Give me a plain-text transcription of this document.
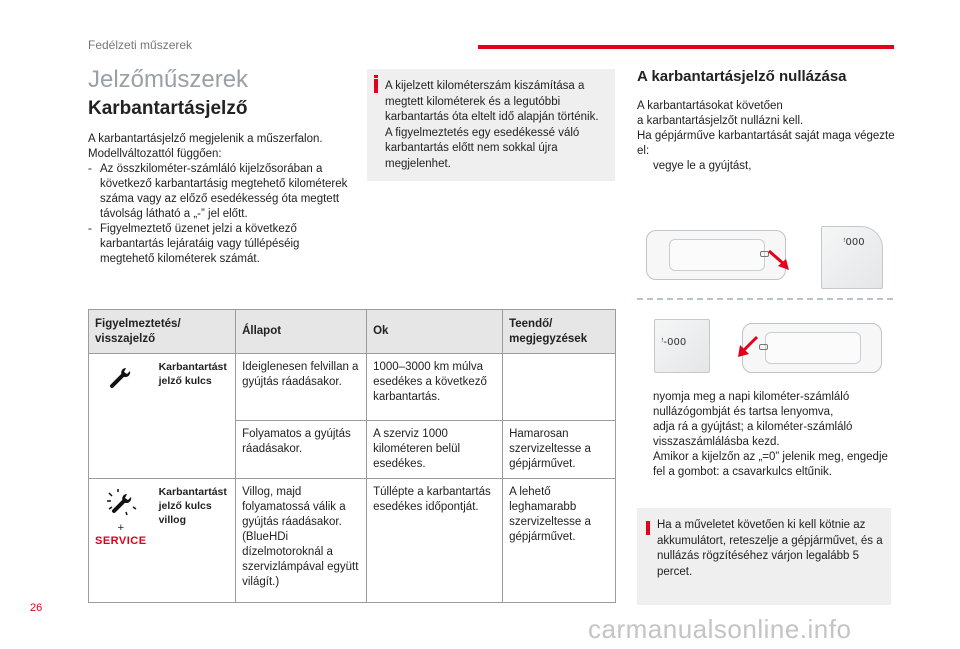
Fedélzeti műszerek
Jelzőműszerek
Karbantartásjelző

A karbantartásjelző megjelenik a műszerfalon.

Modellváltozattól függően:

- Az összkilométer-számláló kijelzősorában a következő karbantartásig megtehető kilométerek száma vagy az előző esedékesség óta megtett távolság látható a „-” jel előtt.
- Figyelmeztető üzenet jelzi a következő karbantartás lejáratáig vagy túllépéséig megtehető kilométerek számát.
A kijelzett kilométerszám kiszámítása a megtett kilométerek és a legutóbbi karbantartás óta eltelt idő alapján történik. A figyelmeztetés egy esedékessé váló karbantartás előtt nem sokkal újra megjelenhet.
A karbantartásjelző nullázása

A karbantartásokat követően

a karbantartásjelzőt nullázni kell.

Ha gépjárműve karbantartását saját maga végezte el:

vegye le a gyújtást,
ꜝ000
ꜝ-000
nyomja meg a napi kilométer-számláló nullázógombját és tartsa lenyomva,
adja rá a gyújtást; a kilométer-számláló visszaszámlálásba kezd.
Amikor a kijelzőn az „=0” jelenik meg, engedje fel a gombot: a csavarkulcs eltűnik.
Ha a műveletet követően ki kell kötnie az akkumulátort, reteszelje a gépjárművet, és a nullázás rögzítéséhez várjon legalább 5 percet.
Figyelmeztetés/ visszajelző		Állapot	Ok	Teendő/ megjegyzések
	Karbantartást jelző kulcs	Ideiglenesen felvillan a gyújtás ráadásakor.	1000–3000 km múlva esedékes a következő karbantartás.	
		Folyamatos a gyújtás ráadásakor.	A szerviz 1000 kilométeren belül esedékes.	Hamarosan szervizeltesse a gépjárművet.

+
SERVICE	Karbantartást jelző kulcs villog	Villog, majd folyamatossá válik a gyújtás ráadásakor. (BlueHDi dízelmotoroknál a szervizlámpával együtt világít.)	Túllépte a karbantartás esedékes időpontját.	A lehető leghamarabb szervizeltesse a gépjárművet.
26
carmanualsonline.info
